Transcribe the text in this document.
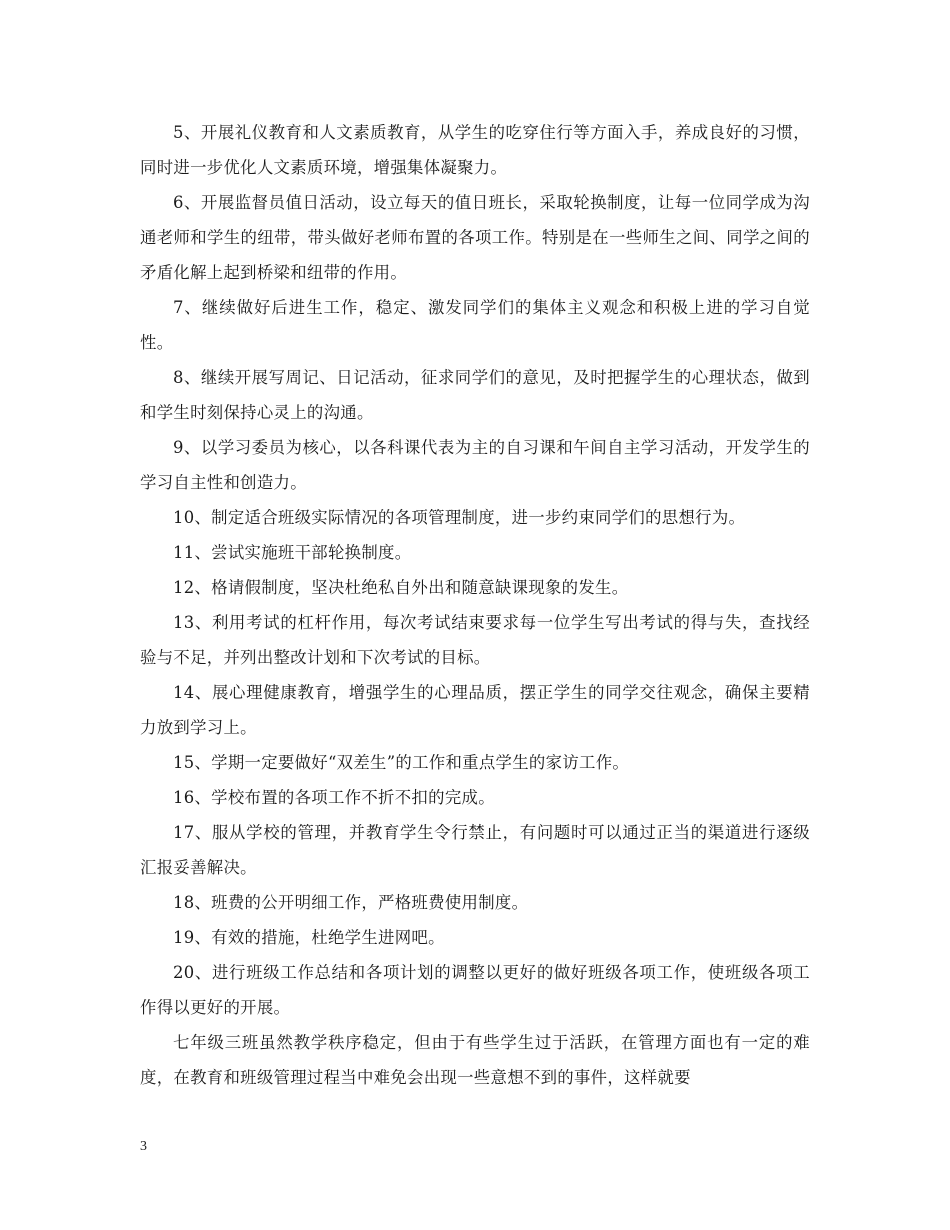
5、开展礼仪教育和人文素质教育，从学生的吃穿住行等方面入手，养成良好的习惯，同时进一步优化人文素质环境，增强集体凝聚力。

6、开展监督员值日活动，设立每天的值日班长，采取轮换制度，让每一位同学成为沟通老师和学生的纽带，带头做好老师布置的各项工作。特别是在一些师生之间、同学之间的矛盾化解上起到桥梁和纽带的作用。

7、继续做好后进生工作，稳定、激发同学们的集体主义观念和积极上进的学习自觉性。

8、继续开展写周记、日记活动，征求同学们的意见，及时把握学生的心理状态，做到和学生时刻保持心灵上的沟通。

9、以学习委员为核心，以各科课代表为主的自习课和午间自主学习活动，开发学生的学习自主性和创造力。

10、制定适合班级实际情况的各项管理制度，进一步约束同学们的思想行为。

11、尝试实施班干部轮换制度。

12、格请假制度，坚决杜绝私自外出和随意缺课现象的发生。

13、利用考试的杠杆作用，每次考试结束要求每一位学生写出考试的得与失，查找经验与不足，并列出整改计划和下次考试的目标。

14、展心理健康教育，增强学生的心理品质，摆正学生的同学交往观念，确保主要精力放到学习上。

15、学期一定要做好“双差生”的工作和重点学生的家访工作。

16、学校布置的各项工作不折不扣的完成。

17、服从学校的管理，并教育学生令行禁止，有问题时可以通过正当的渠道进行逐级汇报妥善解决。

18、班费的公开明细工作，严格班费使用制度。

19、有效的措施，杜绝学生进网吧。

20、进行班级工作总结和各项计划的调整以更好的做好班级各项工作，使班级各项工作得以更好的开展。

七年级三班虽然教学秩序稳定，但由于有些学生过于活跃，在管理方面也有一定的难度，在教育和班级管理过程当中难免会出现一些意想不到的事件，这样就要

3
